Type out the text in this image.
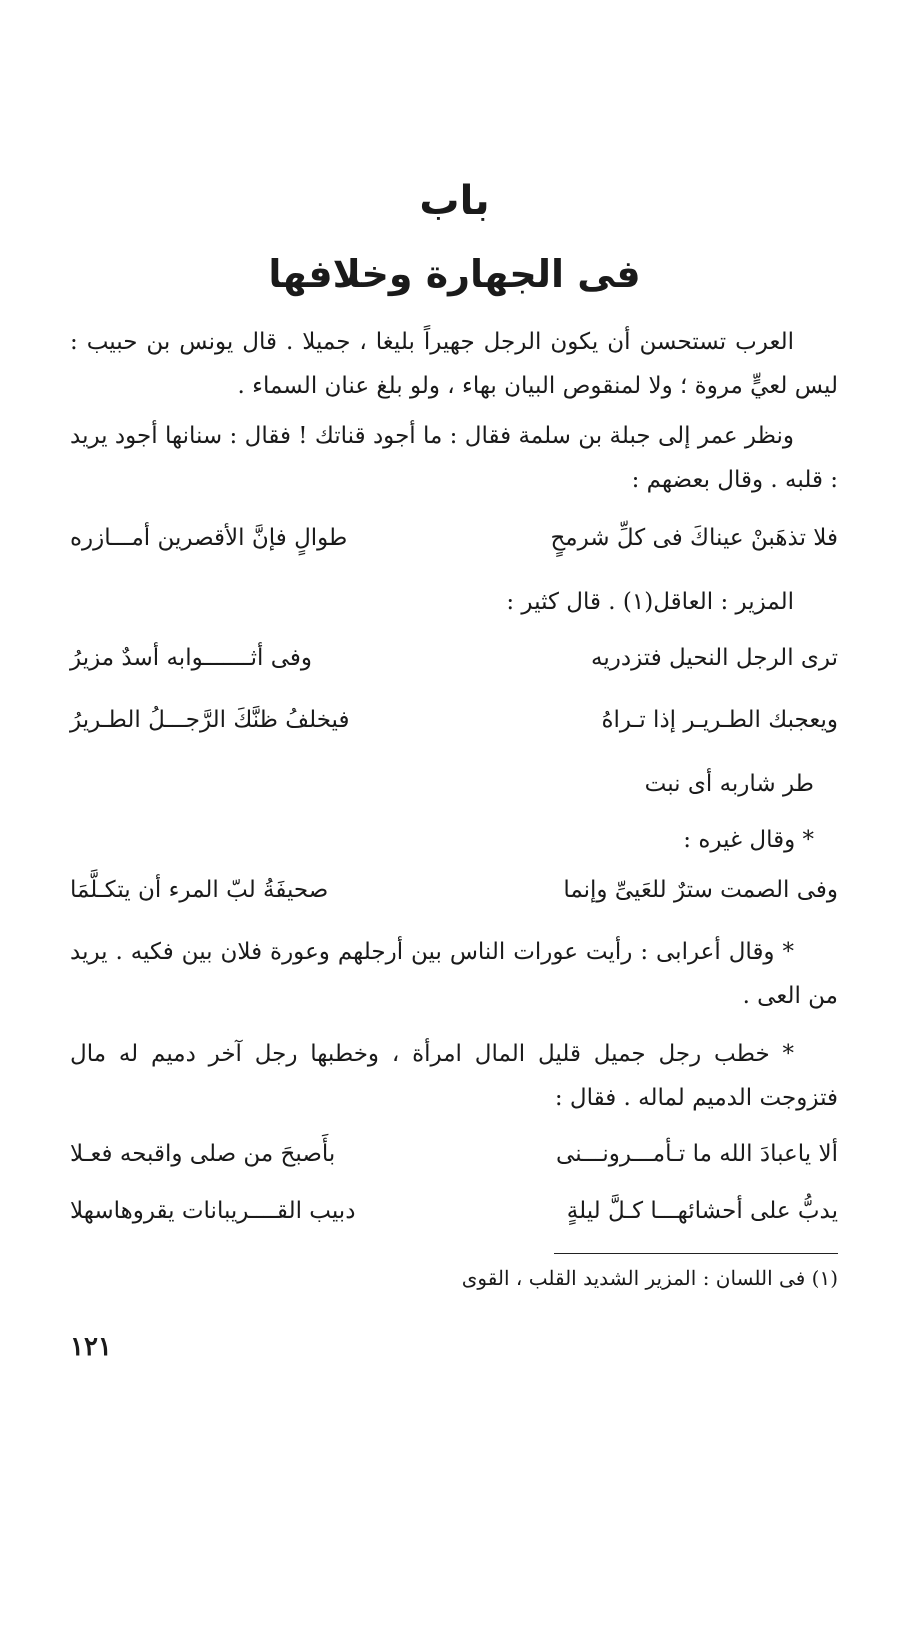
باب
فى الجهارة وخلافها
العرب تستحسن أن يكون الرجل جهيراً بليغا ، جميلا . قال يونس بن حبيب : ليس لعيٍّ مروة ؛ ولا لمنقوص البيان بهاء ، ولو بلغ عنان السماء .
ونظر عمر إلى جبلة بن سلمة فقال : ما أجود قناتك ! فقال : سنانها أجود يريد : قلبه . وقال بعضهم :
فلا تذهَبنْ عيناكَ فى كلِّ شرمحٍ
طوالٍ فإنَّ الأقصرين أمـــازره
المزير : العاقل(١) . قال كثير :
ترى الرجل النحيل فتزدريه
وفى أثـــــــوابه أسدٌ مزيرُ
ويعجبك الطـريـر إذا تـراهُ
فيخلفُ ظنَّكَ الرَّجـــلُ الطـريرُ
طر شاربه أى نبت
* وقال غيره :
وفى الصمت سترٌ للعَيىِّ وإنما
صحيفَةُ لبّ المرء أن يتكـلَّمَا
* وقال أعرابى : رأيت عورات الناس بين أرجلهم وعورة فلان بين فكيه . يريد من العى .
* خطب رجل جميل قليل المال امرأة ، وخطبها رجل آخر دميم له مال فتزوجت الدميم لماله . فقال :
ألا ياعبادَ الله ما تـأمـــرونـــنى
بأَصبحَ من صلى واقبحه فعـلا
يدبُّ على أحشائهـــا كـلَّ ليلةٍ
دبيب القــــريبانات يقروهاسهلا
(١) فى اللسان : المزير الشديد القلب ، القوى
١٢١
